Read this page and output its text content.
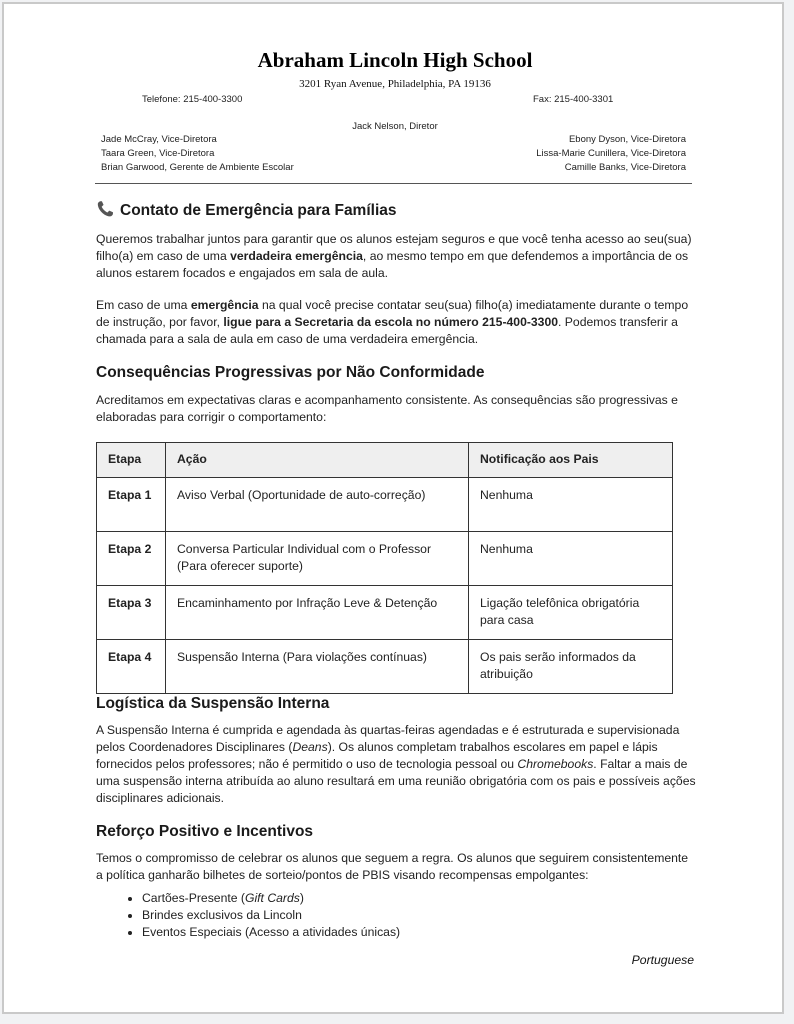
Abraham Lincoln High School
3201 Ryan Avenue, Philadelphia, PA 19136
Telefone: 215-400-3300	Fax: 215-400-3301
Jack Nelson, Diretor
Jade McCray, Vice-Diretora
Taara Green, Vice-Diretora
Brian Garwood, Gerente de Ambiente Escolar
Ebony Dyson, Vice-Diretora
Lissa-Marie Cunillera, Vice-Diretora
Camille Banks, Vice-Diretora
Contato de Emergência para Famílias

Queremos trabalhar juntos para garantir que os alunos estejam seguros e que você tenha acesso ao seu(sua) filho(a) em caso de uma verdadeira emergência, ao mesmo tempo em que defendemos a importância de os alunos estarem focados e engajados em sala de aula.

Em caso de uma emergência na qual você precise contatar seu(sua) filho(a) imediatamente durante o tempo de instrução, por favor, ligue para a Secretaria da escola no número 215-400-3300. Podemos transferir a chamada para a sala de aula em caso de uma verdadeira emergência.

Consequências Progressivas por Não Conformidade

Acreditamos em expectativas claras e acompanhamento consistente. As consequências são progressivas e elaboradas para corrigir o comportamento:

Etapa	Ação	Notificação aos Pais
Etapa 1	Aviso Verbal (Oportunidade de auto-correção)	Nenhuma
Etapa 2	Conversa Particular Individual com o Professor (Para oferecer suporte)	Nenhuma
Etapa 3	Encaminhamento por Infração Leve & Detenção	Ligação telefônica obrigatória para casa
Etapa 4	Suspensão Interna (Para violações contínuas)	Os pais serão informados da atribuição
Logística da Suspensão Interna

A Suspensão Interna é cumprida e agendada às quartas-feiras agendadas e é estruturada e supervisionada pelos Coordenadores Disciplinares (Deans). Os alunos completam trabalhos escolares em papel e lápis fornecidos pelos professores; não é permitido o uso de tecnologia pessoal ou Chromebooks. Faltar a mais de uma suspensão interna atribuída ao aluno resultará em uma reunião obrigatória com os pais e possíveis ações disciplinares adicionais.

Reforço Positivo e Incentivos

Temos o compromisso de celebrar os alunos que seguem a regra. Os alunos que seguirem consistentemente a política ganharão bilhetes de sorteio/pontos de PBIS visando recompensas empolgantes:

• Cartões-Presente (Gift Cards)
• Brindes exclusivos da Lincoln
• Eventos Especiais (Acesso a atividades únicas)
Portuguese
